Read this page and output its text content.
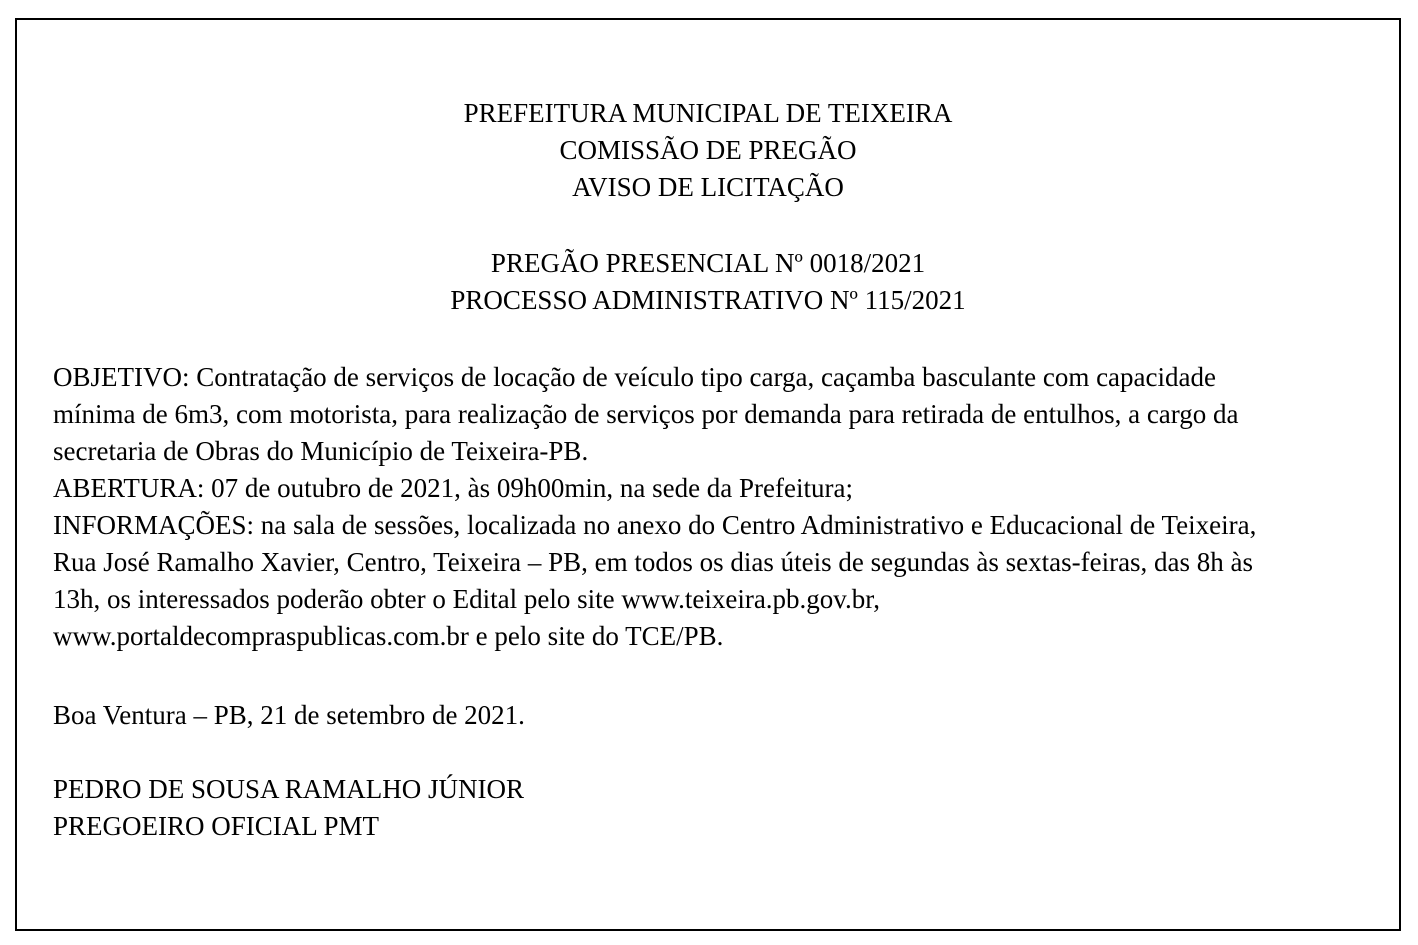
PREFEITURA MUNICIPAL DE TEIXEIRA
COMISSÃO DE PREGÃO
AVISO DE LICITAÇÃO
PREGÃO PRESENCIAL Nº 0018/2021
PROCESSO ADMINISTRATIVO Nº 115/2021
OBJETIVO: Contratação de serviços de locação de veículo tipo carga, caçamba basculante com capacidade
mínima de 6m3, com motorista, para realização de serviços por demanda para retirada de entulhos, a cargo da
secretaria de Obras do Município de Teixeira-PB.
ABERTURA: 07 de outubro de 2021, às 09h00min, na sede da Prefeitura;
INFORMAÇÕES: na sala de sessões, localizada no anexo do Centro Administrativo e Educacional de Teixeira,
Rua José Ramalho Xavier, Centro, Teixeira – PB, em todos os dias úteis de segundas às sextas-feiras, das 8h às
13h, os interessados poderão obter o Edital pelo site www.teixeira.pb.gov.br,
www.portaldecompraspublicas.com.br e pelo site do TCE/PB.
Boa Ventura – PB, 21 de setembro de 2021.
PEDRO DE SOUSA RAMALHO JÚNIOR
PREGOEIRO OFICIAL PMT
